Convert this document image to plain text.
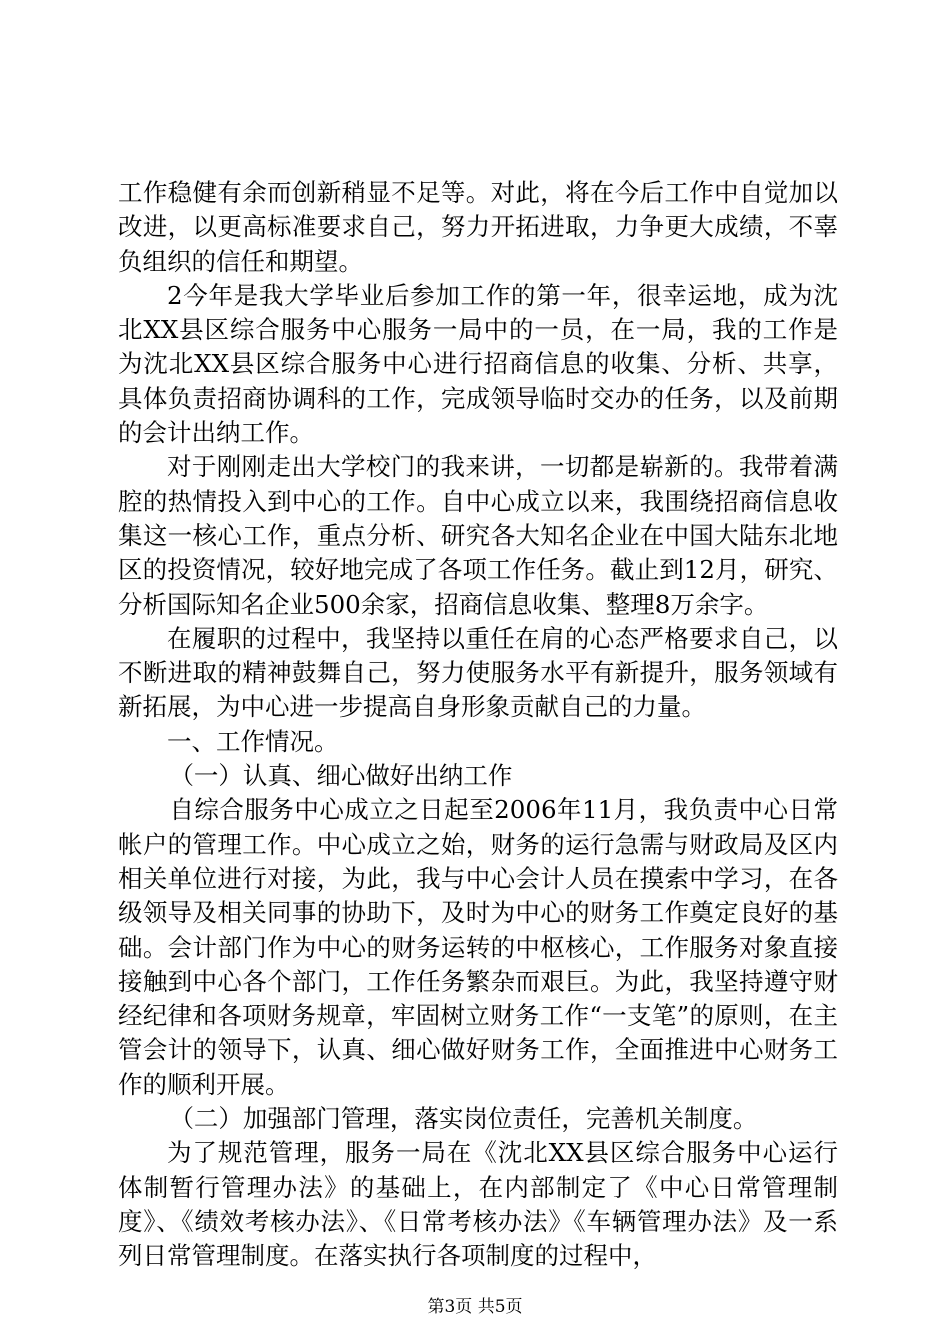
工作稳健有余而创新稍显不足等。对此，将在今后工作中自觉加以改进，以更高标准要求自己，努力开拓进取，力争更大成绩，不辜负组织的信任和期望。

2今年是我大学毕业后参加工作的第一年，很幸运地，成为沈北XX县区综合服务中心服务一局中的一员，在一局，我的工作是为沈北XX县区综合服务中心进行招商信息的收集、分析、共享，具体负责招商协调科的工作，完成领导临时交办的任务，以及前期的会计出纳工作。

对于刚刚走出大学校门的我来讲，一切都是崭新的。我带着满腔的热情投入到中心的工作。自中心成立以来，我围绕招商信息收集这一核心工作，重点分析、研究各大知名企业在中国大陆东北地区的投资情况，较好地完成了各项工作任务。截止到12月，研究、分析国际知名企业500余家，招商信息收集、整理8万余字。

在履职的过程中，我坚持以重任在肩的心态严格要求自己，以不断进取的精神鼓舞自己，努力使服务水平有新提升，服务领域有新拓展，为中心进一步提高自身形象贡献自己的力量。

一、工作情况。

（一）认真、细心做好出纳工作

自综合服务中心成立之日起至2006年11月，我负责中心日常帐户的管理工作。中心成立之始，财务的运行急需与财政局及区内相关单位进行对接，为此，我与中心会计人员在摸索中学习，在各级领导及相关同事的协助下，及时为中心的财务工作奠定良好的基础。会计部门作为中心的财务运转的中枢核心，工作服务对象直接接触到中心各个部门，工作任务繁杂而艰巨。为此，我坚持遵守财经纪律和各项财务规章，牢固树立财务工作“一支笔”的原则，在主管会计的领导下，认真、细心做好财务工作，全面推进中心财务工作的顺利开展。

（二）加强部门管理，落实岗位责任，完善机关制度。

为了规范管理，服务一局在《沈北XX县区综合服务中心运行体制暂行管理办法》的基础上，在内部制定了《中心日常管理制度》、《绩效考核办法》、《日常考核办法》《车辆管理办法》及一系列日常管理制度。在落实执行各项制度的过程中，

第3页 共5页
